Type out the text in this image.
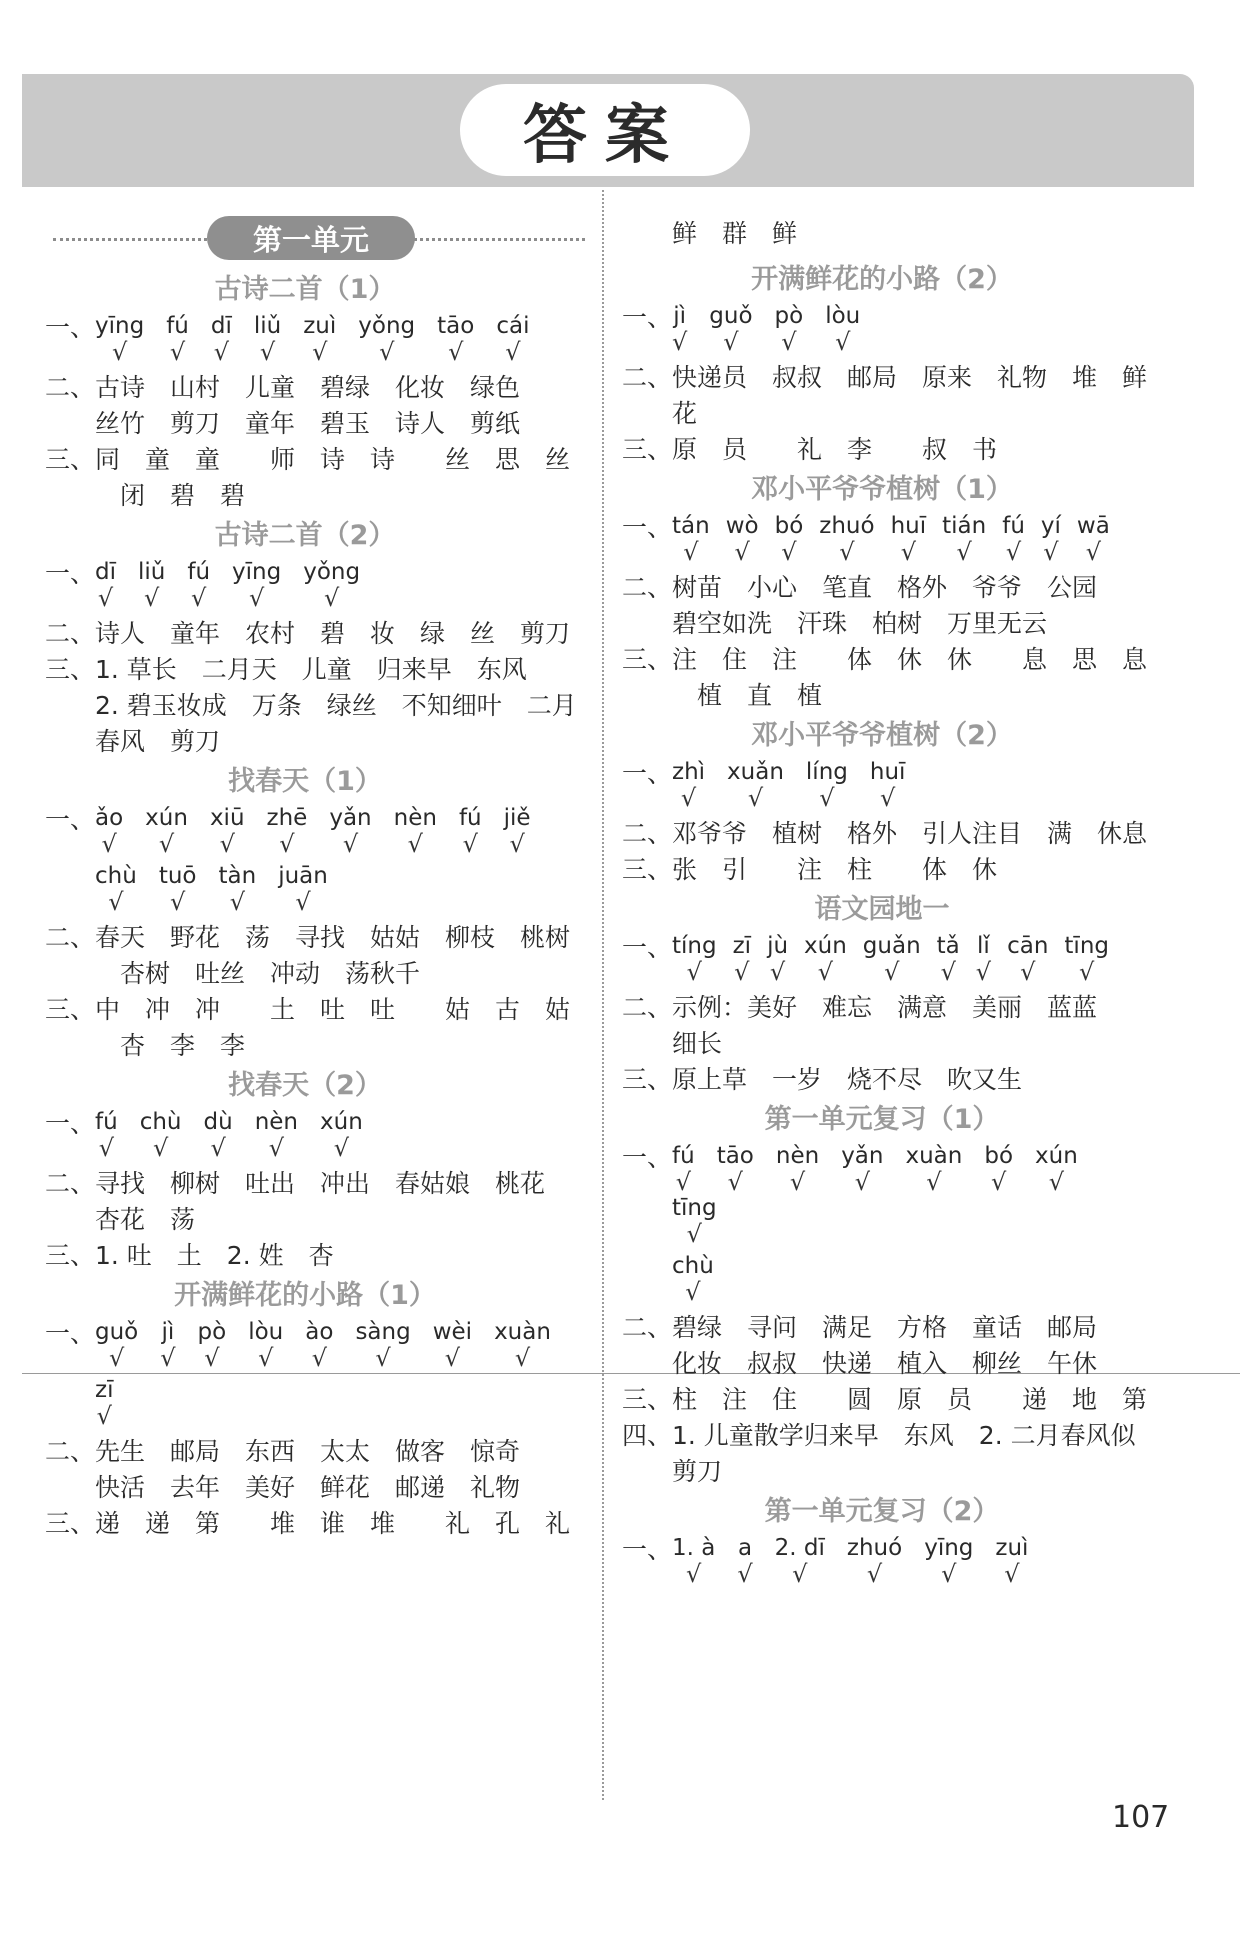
答案
第一单元
古诗二首（1）
一、 yīng
√
fú
√
dī
√
liǔ
√
zuì
√
yǒng
√
tāo
√
cái
√
二、 古诗　山村　儿童　碧绿　化妆　绿色
丝竹　剪刀　童年　碧玉　诗人　剪纸
三、 同　童　童　　师　诗　诗　　丝　思　丝
闭　碧　碧
古诗二首（2）
一、 dī
√
liǔ
√
fú
√
yīng
√
yǒng
√
二、 诗人　童年　农村　碧　妆　绿　丝　剪刀
三、 1. 草长　二月天　儿童　归来早　东风
2. 碧玉妆成　万条　绿丝　不知细叶　二月
春风　剪刀
找春天（1）
一、 ǎo
√
xún
√
xiū
√
zhē
√
yǎn
√
nèn
√
fú
√
jiě
√
chù
√
tuō
√
tàn
√
juān
√
二、 春天　野花　荡　寻找　姑姑　柳枝　桃树
杏树　吐丝　冲动　荡秋千
三、 中　冲　冲　　土　吐　吐　　姑　古　姑
杏　李　李
找春天（2）
一、 fú
√
chù
√
dù
√
nèn
√
xún
√
二、 寻找　柳树　吐出　冲出　春姑娘　桃花
杏花　荡
三、 1. 吐　土　2. 姓　杏
开满鲜花的小路（1）
一、 guǒ
√
jì
√
pò
√
lòu
√
ào
√
sàng
√
wèi
√
xuàn
√
zī
√
二、 先生　邮局　东西　太太　做客　惊奇
快活　去年　美好　鲜花　邮递　礼物
三、 递　递　第　　堆　谁　堆　　礼　孔　礼
鲜　群　鲜
开满鲜花的小路（2）
一、 jì
√
guǒ
√
pò
√
lòu
√
二、 快递员　叔叔　邮局　原来　礼物　堆　鲜
花
三、 原　员　　礼　李　　叔　书
邓小平爷爷植树（1）
一、 tán
√
wò
√
bó
√
zhuó
√
huī
√
tián
√
fú
√
yí
√
wā
√
二、 树苗　小心　笔直　格外　爷爷　公园
碧空如洗　汗珠　柏树　万里无云
三、 注　住　注　　体　休　休　　息　思　息
植　直　植
邓小平爷爷植树（2）
一、 zhì
√
xuǎn
√
líng
√
huī
√
二、 邓爷爷　植树　格外　引人注目　满　休息
三、 张　引　　注　柱　　体　休
语文园地一
一、 tíng
√
zī
√
jù
√
xún
√
guǎn
√
tǎ
√
lǐ
√
cān
√
tīng
√
二、 示例：美好　难忘　满意　美丽　蓝蓝
细长
三、 原上草　一岁　烧不尽　吹又生
第一单元复习（1）
一、 fú
√
tāo
√
nèn
√
yǎn
√
xuàn
√
bó
√
xún
√
tīng
√
chù
√
二、 碧绿　寻问　满足　方格　童话　邮局
化妆　叔叔　快递　植入　柳丝　午休
三、 柱　注　住　　圆　原　员　　递　地　第
四、 1. 儿童散学归来早　东风　2. 二月春风似
剪刀
第一单元复习（2）
一、 1. à
√
a
√
2. dī
√
zhuó
√
yīng
√
zuì
√
107
